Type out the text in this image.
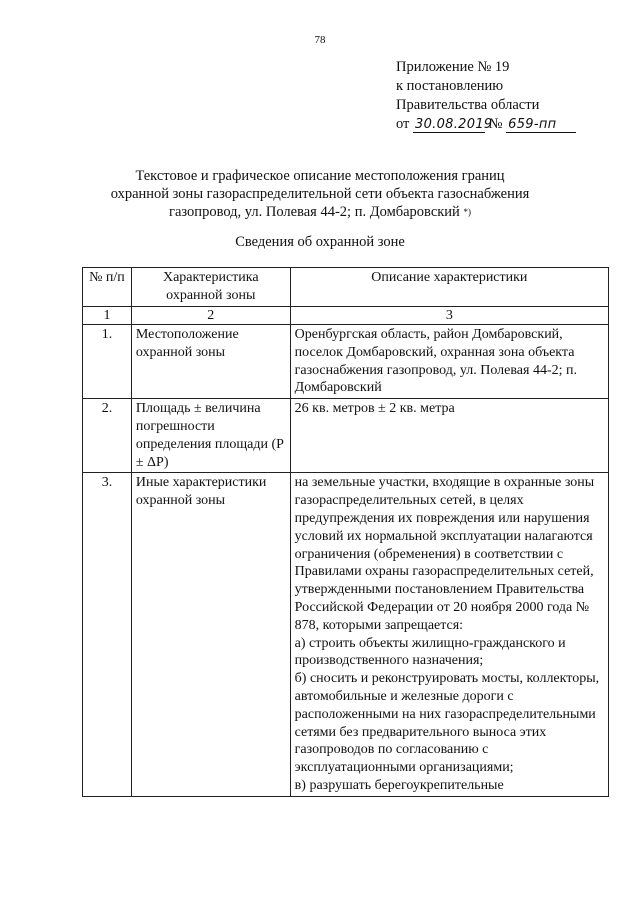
78
Приложение № 19
к постановлению
Правительства области
от 30.08.2019 № 659-пп
Текстовое и графическое описание местоположения границ
охранной зоны газораспределительной сети объекта газоснабжения
газопровод, ул. Полевая 44-2; п. Домбаровский *)
Сведения об охранной зоне
№ п/п	Характеристика охранной зоны	Описание характеристики
1	2	3
1.	Местоположение охранной зоны	Оренбургская область, район Домбаровский, поселок Домбаровский, охранная зона объекта газоснабжения газопровод, ул. Полевая 44-2; п. Домбаровский

2.	Площадь ± величина погрешности определения площади (P ± ΔP)	26 кв. метров ± 2 кв. метра

3.	Иные характеристики охранной зоны	на земельные участки, входящие в охранные зоны газораспределительных сетей, в целях предупреждения их повреждения или нарушения условий их нормальной эксплуатации налагаются ограничения (обременения) в соответствии с Правилами охраны газораспределительных сетей, утвержденными постановлением Правительства Российской Федерации от 20 ноября 2000 года № 878, которыми запрещается:
а) строить объекты жилищно-гражданского и производственного назначения;
б) сносить и реконструировать мосты, коллекторы, автомобильные и железные дороги с расположенными на них газораспределительными сетями без предварительного выноса этих газопроводов по согласованию с эксплуатационными организациями;
в) разрушать берегоукрепительные
